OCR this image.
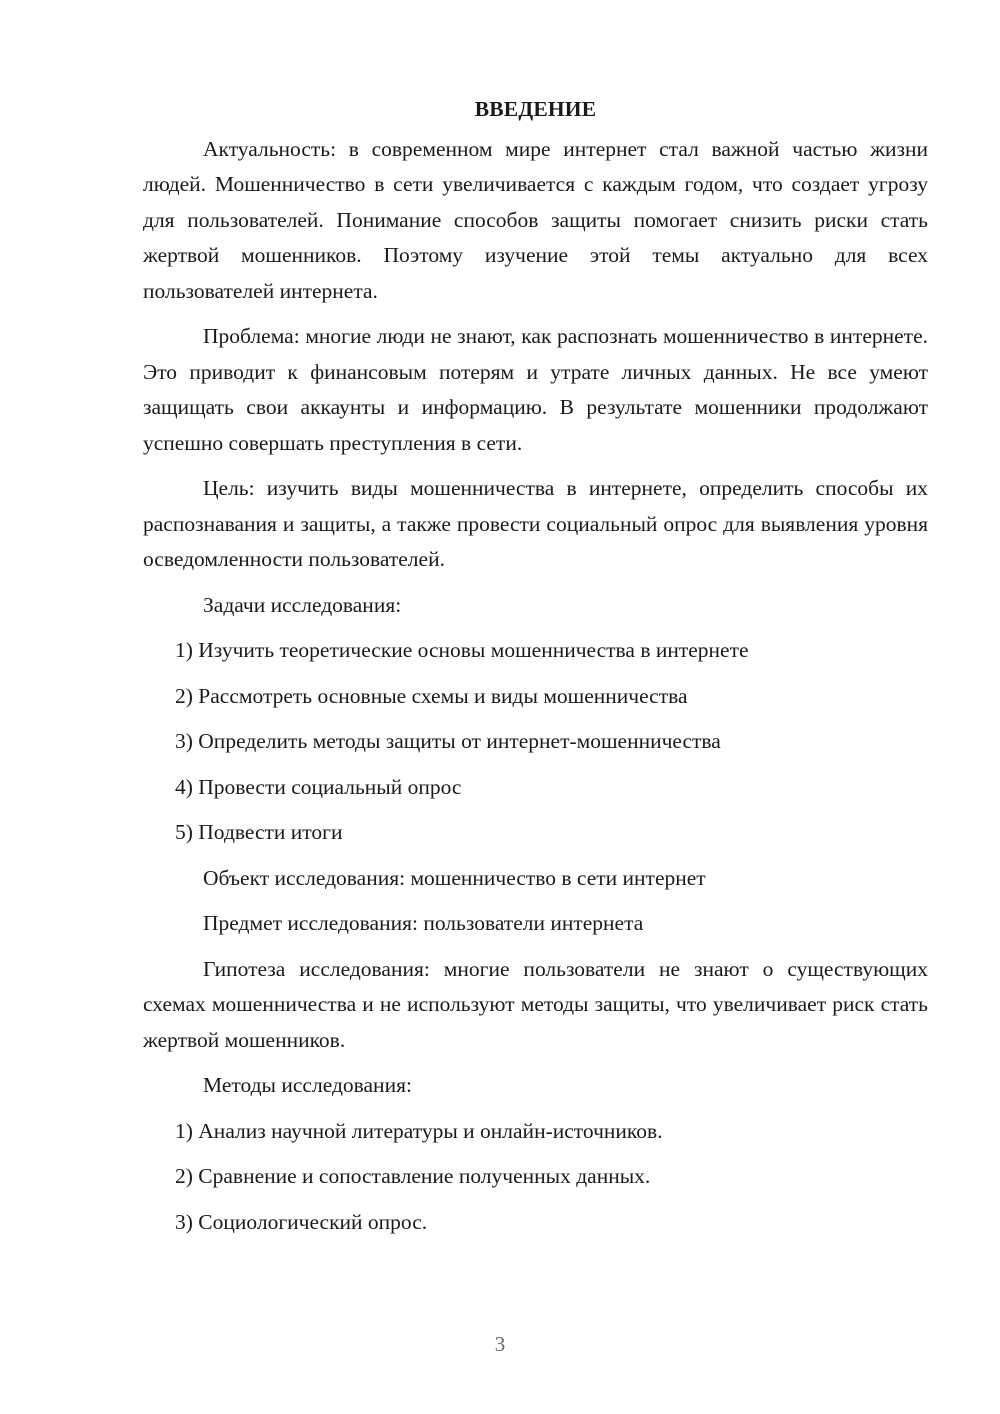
ВВЕДЕНИЕ

Актуальность: в современном мире интернет стал важной частью жизни людей. Мошенничество в сети увеличивается с каждым годом, что создает угрозу для пользователей. Понимание способов защиты помогает снизить риски стать жертвой мошенников. Поэтому изучение этой темы актуально для всех пользователей интернета.

Проблема: многие люди не знают, как распознать мошенничество в интернете. Это приводит к финансовым потерям и утрате личных данных. Не все умеют защищать свои аккаунты и информацию. В результате мошенники продолжают успешно совершать преступления в сети.

Цель: изучить виды мошенничества в интернете, определить способы их распознавания и защиты, а также провести социальный опрос для выявления уровня осведомленности пользователей.

Задачи исследования:

1) Изучить теоретические основы мошенничества в интернете

2) Рассмотреть основные схемы и виды мошенничества

3) Определить методы защиты от интернет-мошенничества

4) Провести социальный опрос

5) Подвести итоги

Объект исследования: мошенничество в сети интернет

Предмет исследования: пользователи интернета

Гипотеза исследования: многие пользователи не знают о существующих схемах мошенничества и не используют методы защиты, что увеличивает риск стать жертвой мошенников.

Методы исследования:

1) Анализ научной литературы и онлайн-источников.

2) Сравнение и сопоставление полученных данных.

3) Социологический опрос.

3
